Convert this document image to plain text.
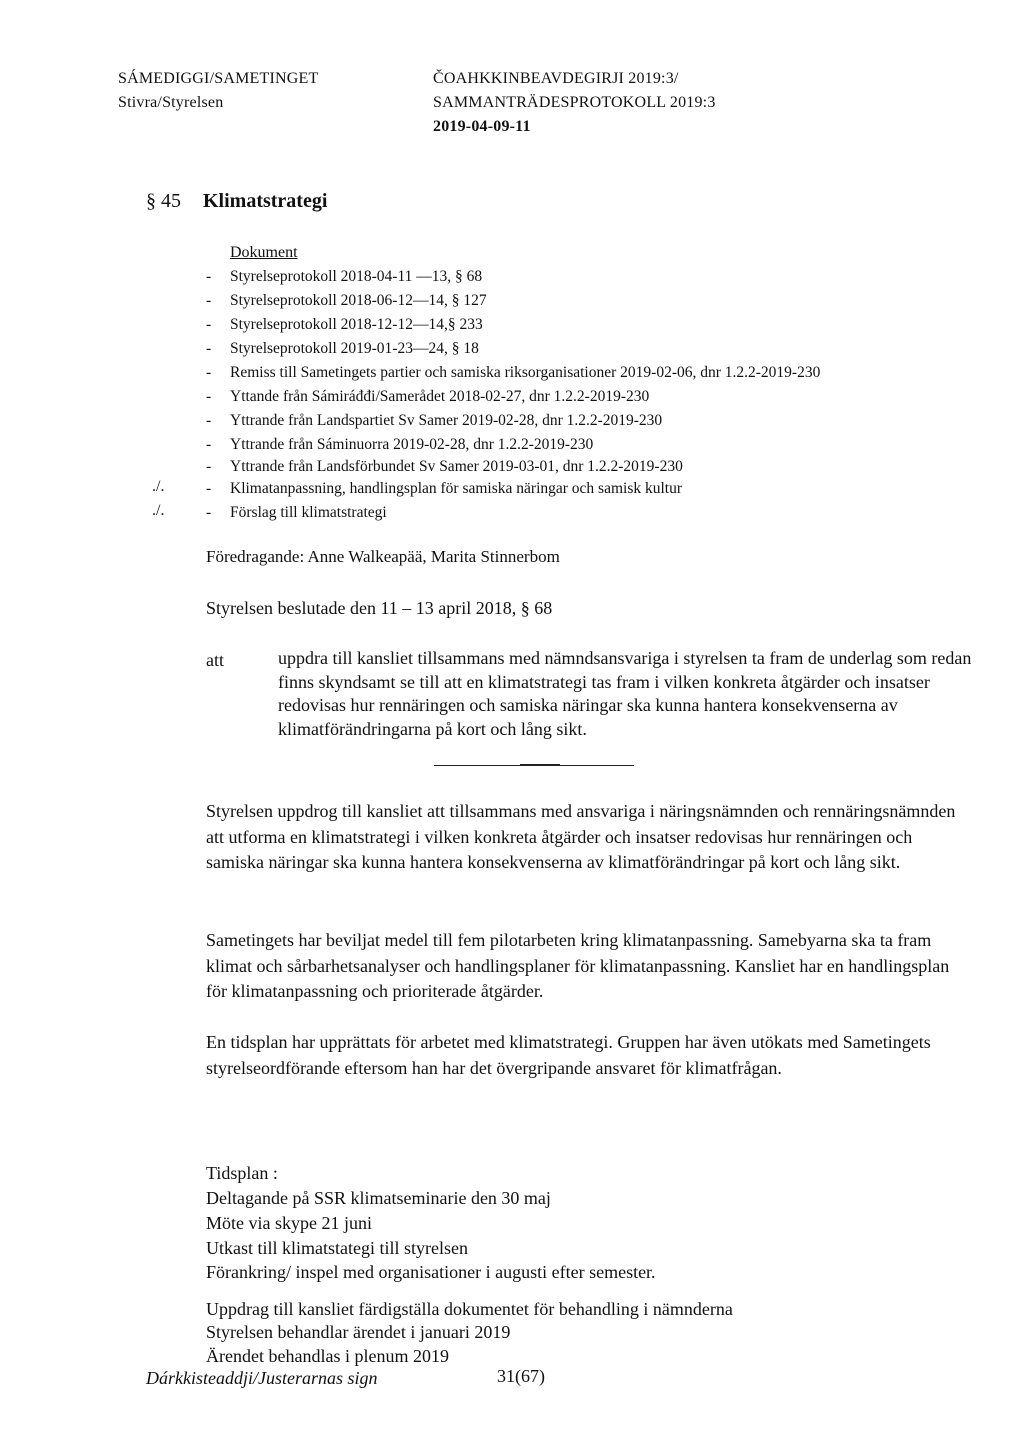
SÁMEDIGGI/SAMETINGET
Stivra/Styrelsen
ČOAHKKINBEAVDEGIRJI 2019:3/
SAMMANTRÄDESPROTOKOLL 2019:3
2019-04-09-11
§ 45 Klimatstrategi
Dokument
./.
./.
- Styrelseprotokoll 2018-04-11 —13, § 68
- Styrelseprotokoll 2018-06-12—14, § 127
- Styrelseprotokoll 2018-12-12—14,§ 233
- Styrelseprotokoll 2019-01-23—24, § 18
- Remiss till Sametingets partier och samiska riksorganisationer 2019-02-06, dnr 1.2.2-2019-230
- Yttande från Sámiráđđi/Samerådet 2018-02-27, dnr 1.2.2-2019-230
- Yttrande från Landspartiet Sv Samer 2019-02-28, dnr 1.2.2-2019-230
- Yttrande från Sáminuorra 2019-02-28, dnr 1.2.2-2019-230
- Yttrande från Landsförbundet Sv Samer 2019-03-01, dnr 1.2.2-2019-230
- Klimatanpassning, handlingsplan för samiska näringar och samisk kultur
- Förslag till klimatstrategi
Föredragande: Anne Walkeapää, Marita Stinnerbom
Styrelsen beslutade den 11 – 13 april 2018, § 68
att	uppdra till kansliet tillsammans med nämndsansvariga i styrelsen ta fram de underlag som redan finns skyndsamt se till att en klimatstrategi tas fram i vilken konkreta åtgärder och insatser redovisas hur rennäringen och samiska näringar ska kunna hantera konsekvenserna av klimatförändringarna på kort och lång sikt.
Styrelsen uppdrog till kansliet att tillsammans med ansvariga i näringsnämnden och rennäringsnämnden att utforma en klimatstrategi i vilken konkreta åtgärder och insatser redovisas hur rennäringen och samiska näringar ska kunna hantera konsekvenserna av klimatförändringar på kort och lång sikt.
Sametingets har beviljat medel till fem pilotarbeten kring klimatanpassning. Samebyarna ska ta fram klimat och sårbarhetsanalyser och handlingsplaner för klimatanpassning. Kansliet har en handlingsplan för klimatanpassning och prioriterade åtgärder.
En tidsplan har upprättats för arbetet med klimatstrategi. Gruppen har även utökats med Sametingets styrelseordförande eftersom han har det övergripande ansvaret för klimatfrågan.
Tidsplan :
Deltagande på SSR klimatseminarie den 30 maj
Möte via skype 21 juni
Utkast till klimatstategi till styrelsen
Förankring/ inspel med organisationer i augusti efter semester.
Uppdrag till kansliet färdigställa dokumentet för behandling i nämnderna
Styrelsen behandlar ärendet i januari 2019
Ärendet behandlas i plenum 2019
Dárkkisteaddji/Justerarnas sign	31(67)
